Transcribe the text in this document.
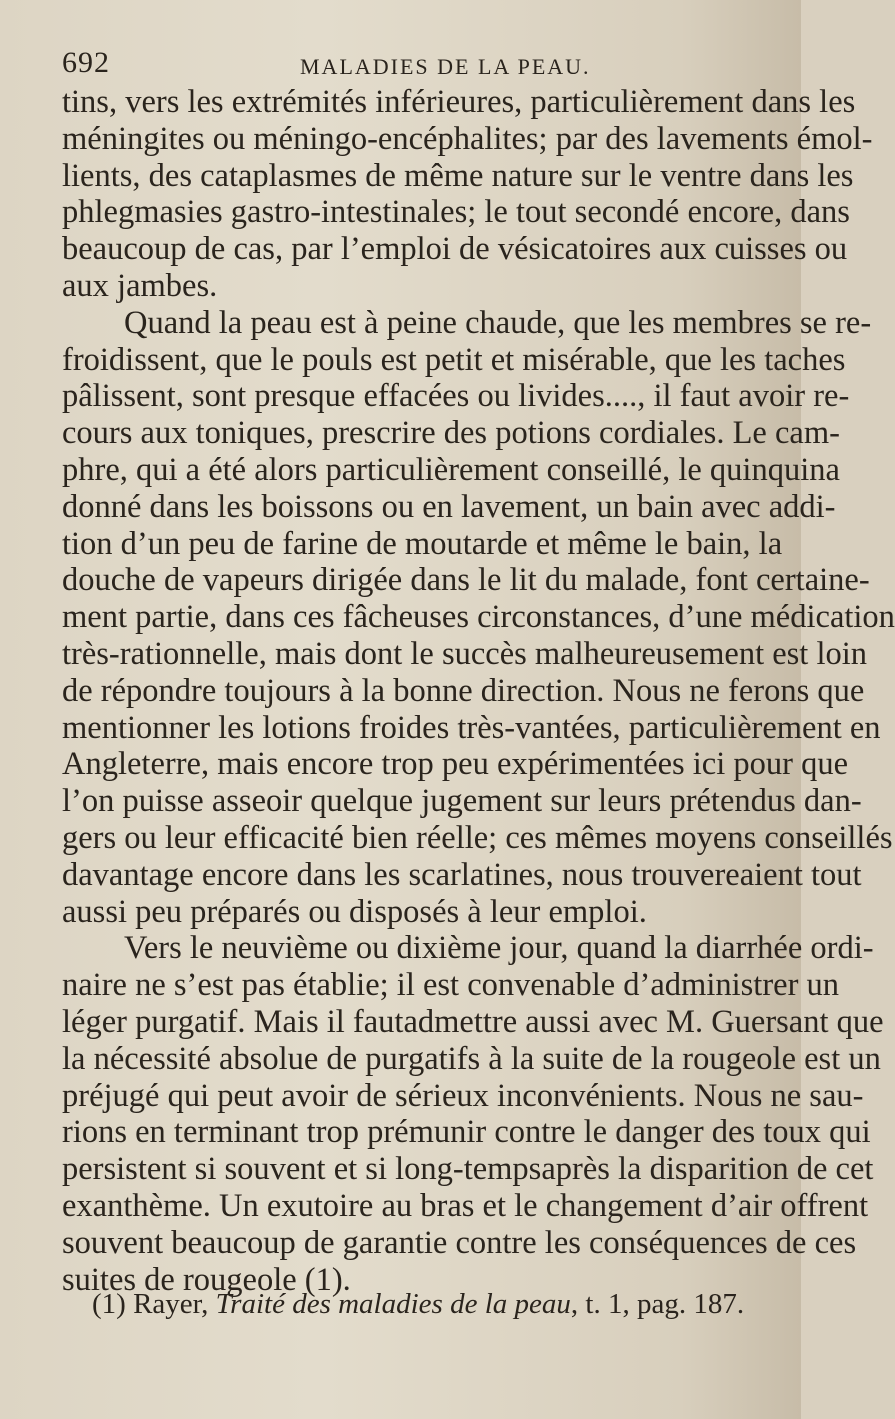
692	MALADIES DE LA PEAU.
tins, vers les extrémités inférieures, particulièrement dans les
méningites ou méningo-encéphalites; par des lavements émol-
lients, des cataplasmes de même nature sur le ventre dans les
phlegmasies gastro-intestinales; le tout secondé encore, dans
beaucoup de cas, par l’emploi de vésicatoires aux cuisses ou
aux jambes.
Quand la peau est à peine chaude, que les membres se re-
froidissent, que le pouls est petit et misérable, que les taches
pâlissent, sont presque effacées ou livides...., il faut avoir re-
cours aux toniques, prescrire des potions cordiales. Le cam-
phre, qui a été alors particulièrement conseillé, le quinquina
donné dans les boissons ou en lavement, un bain avec addi-
tion d’un peu de farine de moutarde et même le bain, la
douche de vapeurs dirigée dans le lit du malade, font certaine-
ment partie, dans ces fâcheuses circonstances, d’une médication
très-rationnelle, mais dont le succès malheureusement est loin
de répondre toujours à la bonne direction. Nous ne ferons que
mentionner les lotions froides très-vantées, particulièrement en
Angleterre, mais encore trop peu expérimentées ici pour que
l’on puisse asseoir quelque jugement sur leurs prétendus dan-
gers ou leur efficacité bien réelle; ces mêmes moyens conseillés
davantage encore dans les scarlatines, nous trouvereaient tout
aussi peu préparés ou disposés à leur emploi.
Vers le neuvième ou dixième jour, quand la diarrhée ordi-
naire ne s’est pas établie; il est convenable d’administrer un
léger purgatif. Mais il fautadmettre aussi avec M. Guersant que
la nécessité absolue de purgatifs à la suite de la rougeole est un
préjugé qui peut avoir de sérieux inconvénients. Nous ne sau-
rions en terminant trop prémunir contre le danger des toux qui
persistent si souvent et si long-tempsaprès la disparition de cet
exanthème. Un exutoire au bras et le changement d’air offrent
souvent beaucoup de garantie contre les conséquences de ces
suites de rougeole (1).
(1) Rayer, Traité des maladies de la peau, t. 1, pag. 187.
